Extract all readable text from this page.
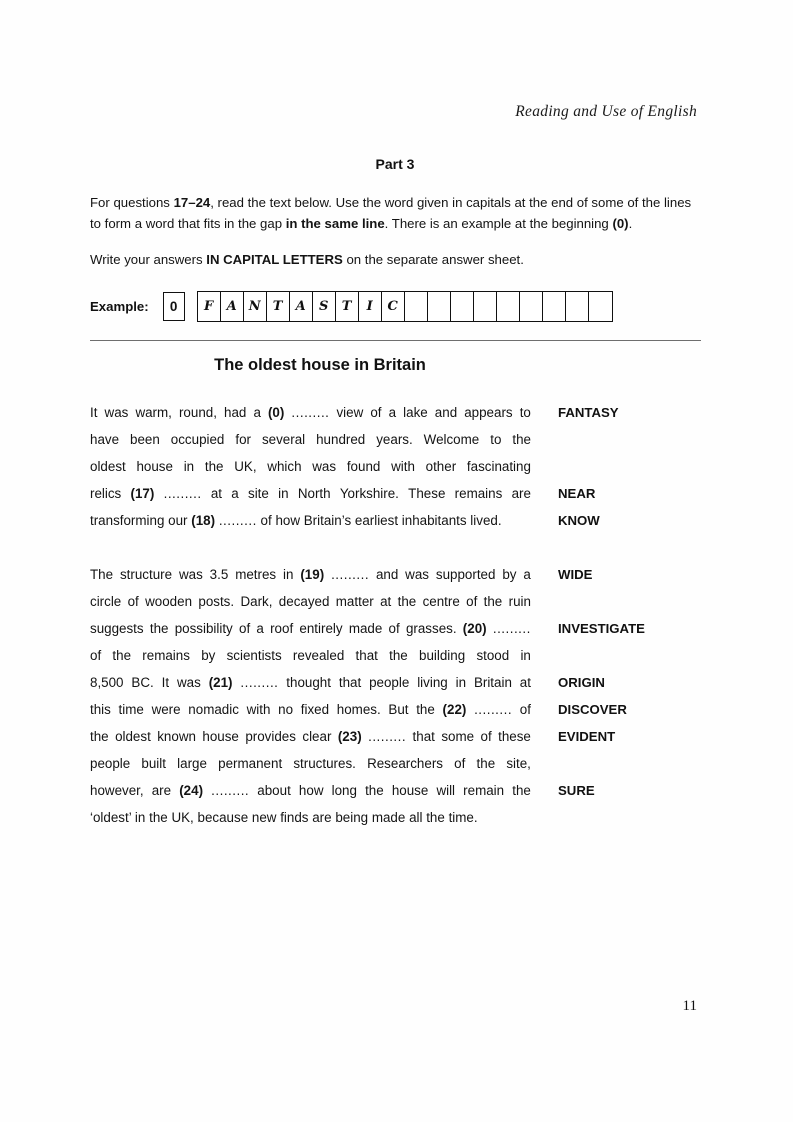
Reading and Use of English
Part 3
For questions 17–24, read the text below. Use the word given in capitals at the end of some of the lines to form a word that fits in the gap in the same line. There is an example at the beginning (0).
Write your answers IN CAPITAL LETTERS on the separate answer sheet.
Example:	0	F	A N T	A	S	T	I	C
The oldest house in Britain
It was warm, round, had a (0) ......... view of a lake and appears to
have been occupied for several hundred years. Welcome to the
oldest house in the UK, which was found with other fascinating
relics (17) ......... at a site in North Yorkshire. These remains are
transforming our (18) ......... of how Britain’s earliest inhabitants lived.
The structure was 3.5 metres in (19) ......... and was supported by a
circle of wooden posts. Dark, decayed matter at the centre of the ruin
suggests the possibility of a roof entirely made of grasses. (20) .........
of the remains by scientists revealed that the building stood in
8,500 BC. It was (21) ......... thought that people living in Britain at
this time were nomadic with no fixed homes. But the (22) ......... of
the oldest known house provides clear (23) ......... that some of these
people built large permanent structures. Researchers of the site,
however, are (24) ......... about how long the house will remain the
‘oldest’ in the UK, because new finds are being made all the time.
FANTASY
NEAR
KNOW
WIDE
INVESTIGATE
ORIGIN
DISCOVER
EVIDENT
SURE
11
